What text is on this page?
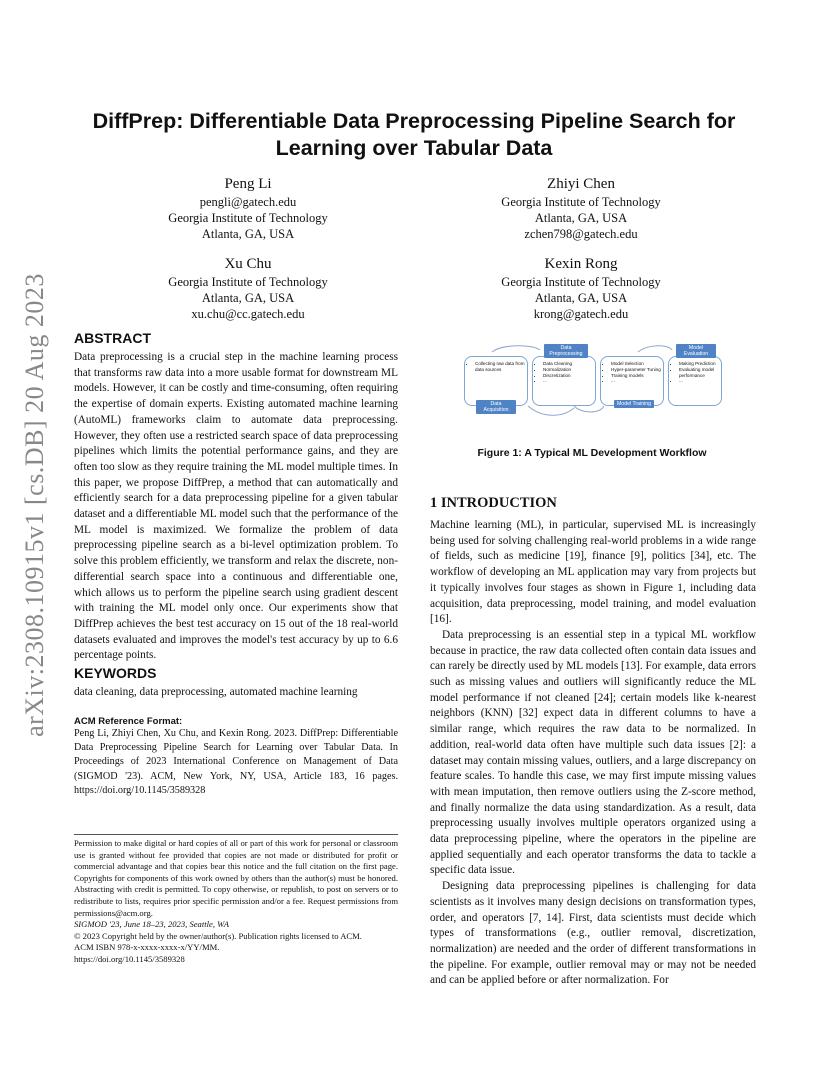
arXiv:2308.10915v1 [cs.DB] 20 Aug 2023
DiffPrep: Differentiable Data Preprocessing Pipeline Search for
Learning over Tabular Data
Peng Li
pengli@gatech.edu
Georgia Institute of Technology
Atlanta, GA, USA
Zhiyi Chen
Georgia Institute of Technology
Atlanta, GA, USA
zchen798@gatech.edu
Xu Chu
Georgia Institute of Technology
Atlanta, GA, USA
xu.chu@cc.gatech.edu
Kexin Rong
Georgia Institute of Technology
Atlanta, GA, USA
krong@gatech.edu
ABSTRACT
Data preprocessing is a crucial step in the machine learning process that transforms raw data into a more usable format for downstream ML models. However, it can be costly and time-consuming, often requiring the expertise of domain experts. Existing automated machine learning (AutoML) frameworks claim to automate data preprocessing. However, they often use a restricted search space of data preprocessing pipelines which limits the potential performance gains, and they are often too slow as they require training the ML model multiple times. In this paper, we propose DiffPrep, a method that can automatically and efficiently search for a data preprocessing pipeline for a given tabular dataset and a differentiable ML model such that the performance of the ML model is maximized. We formalize the problem of data preprocessing pipeline search as a bi-level optimization problem. To solve this problem efficiently, we transform and relax the discrete, non-differential search space into a continuous and differentiable one, which allows us to perform the pipeline search using gradient descent with training the ML model only once. Our experiments show that DiffPrep achieves the best test accuracy on 15 out of the 18 real-world datasets evaluated and improves the model's test accuracy by up to 6.6 percentage points.
KEYWORDS
data cleaning, data preprocessing, automated machine learning
ACM Reference Format:
Peng Li, Zhiyi Chen, Xu Chu, and Kexin Rong. 2023. DiffPrep: Differentiable Data Preprocessing Pipeline Search for Learning over Tabular Data. In Proceedings of 2023 International Conference on Management of Data (SIGMOD '23). ACM, New York, NY, USA, Article 183, 16 pages. https://doi.org/10.1145/3589328
Permission to make digital or hard copies of all or part of this work for personal or classroom use is granted without fee provided that copies are not made or distributed for profit or commercial advantage and that copies bear this notice and the full citation on the first page. Copyrights for components of this work owned by others than the author(s) must be honored. Abstracting with credit is permitted. To copy otherwise, or republish, to post on servers or to redistribute to lists, requires prior specific permission and/or a fee. Request permissions from permissions@acm.org.
SIGMOD '23, June 18–23, 2023, Seattle, WA
© 2023 Copyright held by the owner/author(s). Publication rights licensed to ACM.
ACM ISBN 978-x-xxxx-xxxx-x/YY/MM.
https://doi.org/10.1145/3589328
• Collecting raw data from data sources
Data Acquisition
• Data Cleaning
• Normalization
• Discretization
• ...
Data Preprocessing
• Model Selection
• Hyper-parameter Tuning
• Training models
• ...
Model Training
• Making Prediction
• Evaluating model performance
• ...
Model Evaluation
Figure 1: A Typical ML Development Workflow
1 INTRODUCTION

Machine learning (ML), in particular, supervised ML is increasingly being used for solving challenging real-world problems in a wide range of fields, such as medicine [19], finance [9], politics [34], etc. The workflow of developing an ML application may vary from projects but it typically involves four stages as shown in Figure 1, including data acquisition, data preprocessing, model training, and model evaluation [16].

Data preprocessing is an essential step in a typical ML workflow because in practice, the raw data collected often contain data issues and can rarely be directly used by ML models [13]. For example, data errors such as missing values and outliers will significantly reduce the ML model performance if not cleaned [24]; certain models like k-nearest neighbors (KNN) [32] expect data in different columns to have a similar range, which requires the raw data to be normalized. In addition, real-world data often have multiple such data issues [2]: a dataset may contain missing values, outliers, and a large discrepancy on feature scales. To handle this case, we may first impute missing values with mean imputation, then remove outliers using the Z-score method, and finally normalize the data using standardization. As a result, data preprocessing usually involves multiple operators organized using a data preprocessing pipeline, where the operators in the pipeline are applied sequentially and each operator transforms the data to tackle a specific data issue.

Designing data preprocessing pipelines is challenging for data scientists as it involves many design decisions on transformation types, order, and operators [7, 14]. First, data scientists must decide which types of transformations (e.g., outlier removal, discretization, normalization) are needed and the order of different transformations in the pipeline. For example, outlier removal may or may not be needed and can be applied before or after normalization. For
